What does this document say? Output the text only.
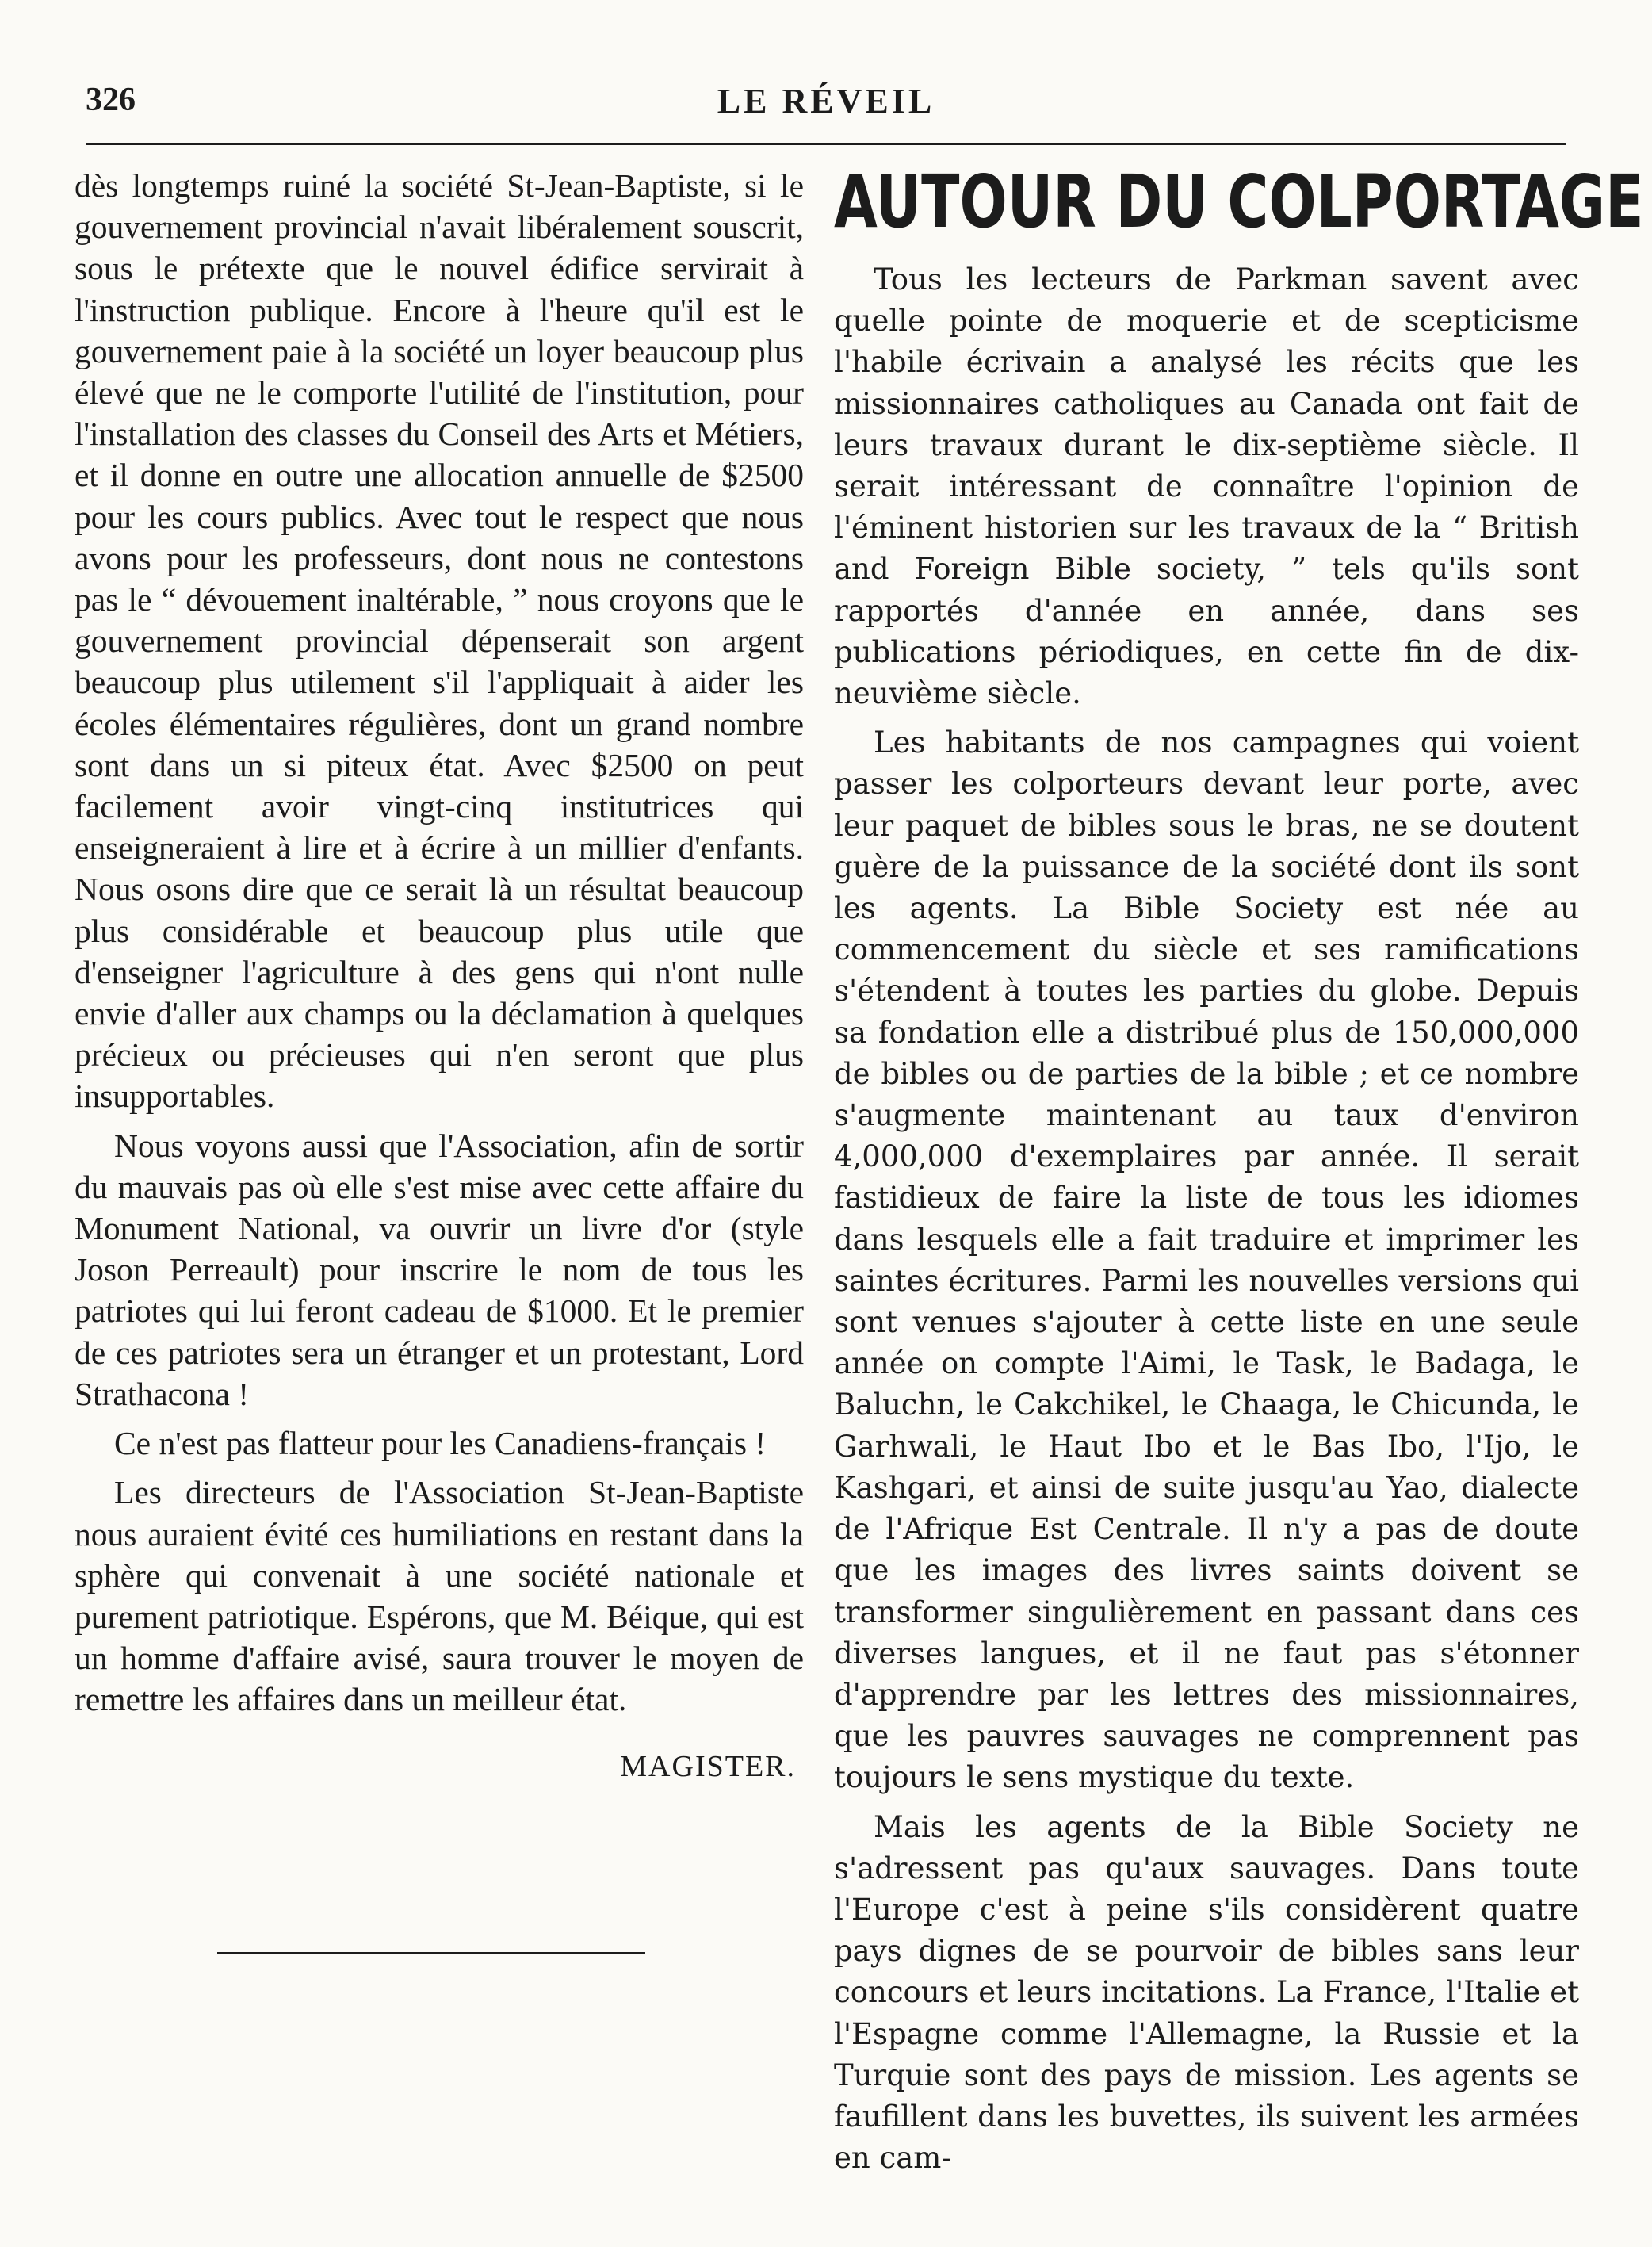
326	LE RÉVEIL

dès longtemps ruiné la société St-Jean-Baptiste, si le gouvernement provincial n'avait libéralement souscrit, sous le prétexte que le nouvel édifice servirait à l'instruction publique. Encore à l'heure qu'il est le gouvernement paie à la société un loyer beaucoup plus élevé que ne le comporte l'utilité de l'institution, pour l'installation des classes du Conseil des Arts et Métiers, et il donne en outre une allocation annuelle de $2500 pour les cours publics. Avec tout le respect que nous avons pour les professeurs, dont nous ne contestons pas le “ dévouement inaltérable, ” nous croyons que le gouvernement provincial dépenserait son argent beaucoup plus utilement s'il l'appliquait à aider les écoles élémentaires régulières, dont un grand nombre sont dans un si piteux état. Avec $2500 on peut facilement avoir vingt-cinq institutrices qui enseigneraient à lire et à écrire à un millier d'enfants. Nous osons dire que ce serait là un résultat beaucoup plus considérable et beaucoup plus utile que d'enseigner l'agriculture à des gens qui n'ont nulle envie d'aller aux champs ou la déclamation à quelques précieux ou précieuses qui n'en seront que plus insupportables.

Nous voyons aussi que l'Association, afin de sortir du mauvais pas où elle s'est mise avec cette affaire du Monument National, va ouvrir un livre d'or (style Joson Perreault) pour inscrire le nom de tous les patriotes qui lui feront cadeau de $1000. Et le premier de ces patriotes sera un étranger et un protestant, Lord Strathacona !

Ce n'est pas flatteur pour les Canadiens-français !

Les directeurs de l'Association St-Jean-Baptiste nous auraient évité ces humiliations en restant dans la sphère qui convenait à une société nationale et purement patriotique. Espérons, que M. Béique, qui est un homme d'affaire avisé, saura trouver le moyen de remettre les affaires dans un meilleur état.

MAGISTER.
AUTOUR DU COLPORTAGE

Tous les lecteurs de Parkman savent avec quelle pointe de moquerie et de scepticisme l'habile écrivain a analysé les récits que les missionnaires catholiques au Canada ont fait de leurs travaux durant le dix-septième siècle. Il serait intéressant de connaître l'opinion de l'éminent historien sur les travaux de la “ British and Foreign Bible society, ” tels qu'ils sont rapportés d'année en année, dans ses publications périodiques, en cette fin de dix-neuvième siècle.

Les habitants de nos campagnes qui voient passer les colporteurs devant leur porte, avec leur paquet de bibles sous le bras, ne se doutent guère de la puissance de la société dont ils sont les agents. La Bible Society est née au commencement du siècle et ses ramifications s'étendent à toutes les parties du globe. Depuis sa fondation elle a distribué plus de 150,000,000 de bibles ou de parties de la bible ; et ce nombre s'augmente maintenant au taux d'environ 4,000,000 d'exemplaires par année. Il serait fastidieux de faire la liste de tous les idiomes dans lesquels elle a fait traduire et imprimer les saintes écritures. Parmi les nouvelles versions qui sont venues s'ajouter à cette liste en une seule année on compte l'Aimi, le Task, le Badaga, le Baluchn, le Cakchikel, le Chaaga, le Chicunda, le Garhwali, le Haut Ibo et le Bas Ibo, l'Ijo, le Kashgari, et ainsi de suite jusqu'au Yao, dialecte de l'Afrique Est Centrale. Il n'y a pas de doute que les images des livres saints doivent se transformer singulièrement en passant dans ces diverses langues, et il ne faut pas s'étonner d'apprendre par les lettres des missionnaires, que les pauvres sauvages ne comprennent pas toujours le sens mystique du texte.

Mais les agents de la Bible Society ne s'adressent pas qu'aux sauvages. Dans toute l'Europe c'est à peine s'ils considèrent quatre pays dignes de se pourvoir de bibles sans leur concours et leurs incitations. La France, l'Italie et l'Espagne comme l'Allemagne, la Russie et la Turquie sont des pays de mission. Les agents se faufillent dans les buvettes, ils suivent les armées en cam-
